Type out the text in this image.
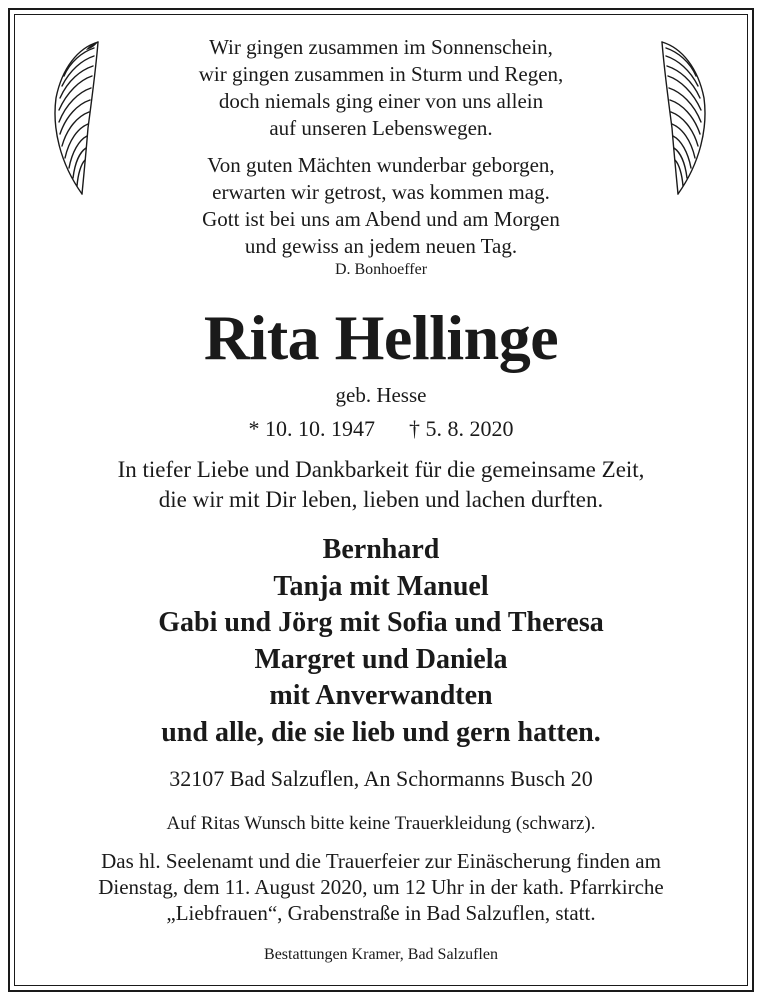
Wir gingen zusammen im Sonnenschein,
wir gingen zusammen in Sturm und Regen,
doch niemals ging einer von uns allein
auf unseren Lebenswegen.
Von guten Mächten wunderbar geborgen,
erwarten wir getrost, was kommen mag.
Gott ist bei uns am Abend und am Morgen
und gewiss an jedem neuen Tag.
D. Bonhoeffer
Rita Hellinge
geb. Hesse
* 10. 10. 1947 † 5. 8. 2020
In tiefer Liebe und Dankbarkeit für die gemeinsame Zeit,
die wir mit Dir leben, lieben und lachen durften.
Bernhard
Tanja mit Manuel
Gabi und Jörg mit Sofia und Theresa
Margret und Daniela
mit Anverwandten
und alle, die sie lieb und gern hatten.
32107 Bad Salzuflen, An Schormanns Busch 20
Auf Ritas Wunsch bitte keine Trauerkleidung (schwarz).
Das hl. Seelenamt und die Trauerfeier zur Einäscherung finden am
Dienstag, dem 11. August 2020, um 12 Uhr in der kath. Pfarrkirche
„Liebfrauen“, Grabenstraße in Bad Salzuflen, statt.
Bestattungen Kramer, Bad Salzuflen
